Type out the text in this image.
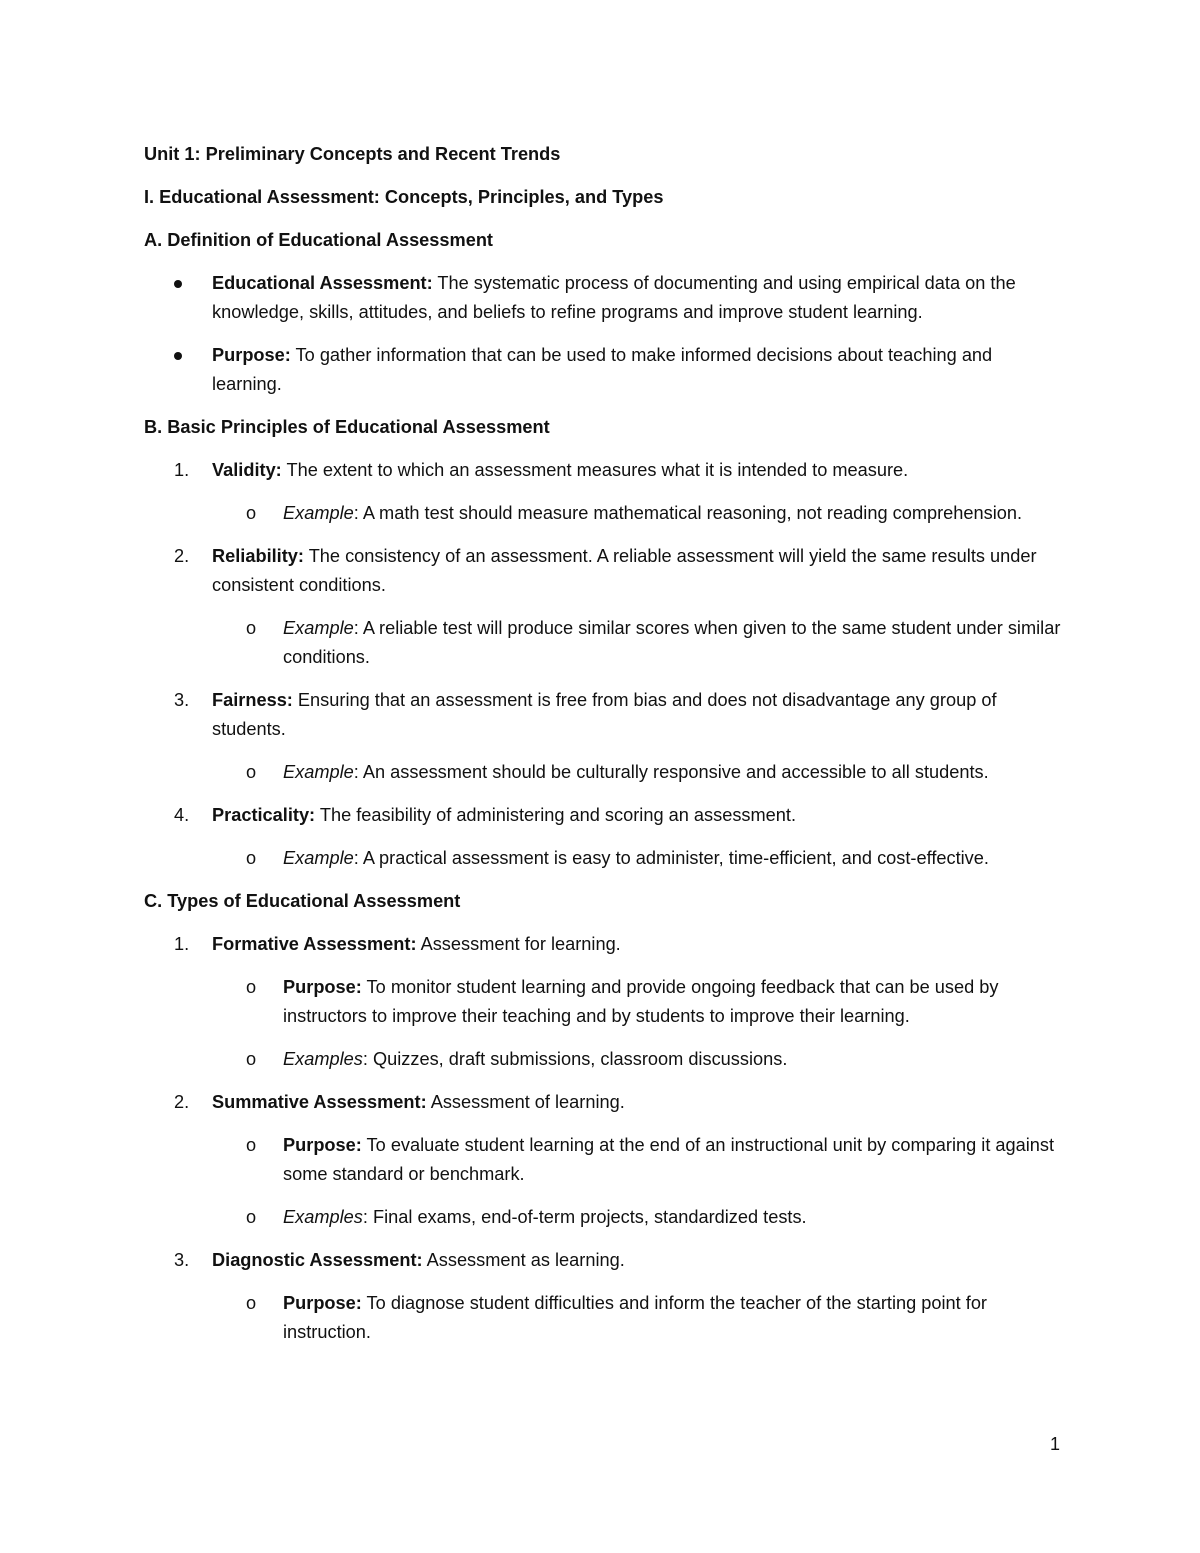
Unit 1: Preliminary Concepts and Recent Trends

I. Educational Assessment: Concepts, Principles, and Types

A. Definition of Educational Assessment

Educational Assessment: The systematic process of documenting and using empirical data on the knowledge, skills, attitudes, and beliefs to refine programs and improve student learning.
Purpose: To gather information that can be used to make informed decisions about teaching and learning.

B. Basic Principles of Educational Assessment

1. Validity: The extent to which an assessment measures what it is intended to measure.
o Example: A math test should measure mathematical reasoning, not reading comprehension.
2. Reliability: The consistency of an assessment. A reliable assessment will yield the same results under consistent conditions.
o Example: A reliable test will produce similar scores when given to the same student under similar conditions.
3. Fairness: Ensuring that an assessment is free from bias and does not disadvantage any group of students.
o Example: An assessment should be culturally responsive and accessible to all students.
4. Practicality: The feasibility of administering and scoring an assessment.
o Example: A practical assessment is easy to administer, time-efficient, and cost-effective.

C. Types of Educational Assessment

1. Formative Assessment: Assessment for learning.
o Purpose: To monitor student learning and provide ongoing feedback that can be used by instructors to improve their teaching and by students to improve their learning.
o Examples: Quizzes, draft submissions, classroom discussions.
2. Summative Assessment: Assessment of learning.
o Purpose: To evaluate student learning at the end of an instructional unit by comparing it against some standard or benchmark.
o Examples: Final exams, end-of-term projects, standardized tests.
3. Diagnostic Assessment: Assessment as learning.
o Purpose: To diagnose student difficulties and inform the teacher of the starting point for instruction.
1
